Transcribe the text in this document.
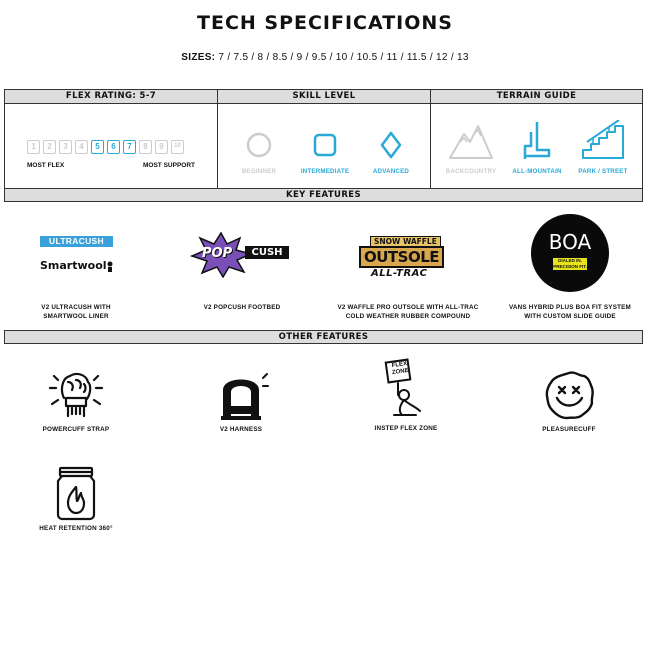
TECH SPECIFICATIONS
SIZES: 7 / 7.5 / 8 / 8.5 / 9 / 9.5 / 10 / 10.5 / 11 / 11.5 / 12 / 13
FLEX RATING: 5-7
1	2	3	4	5	6	7	8	9	10
MOST FLEX	MOST SUPPORT
SKILL LEVEL
BEGINNER	INTERMEDIATE	ADVANCED
TERRAIN GUIDE
BACKCOUNTRY	ALL-MOUNTAIN	PARK / STREET
KEY FEATURES
ULTRACUSH
Smartwool
V2 ULTRACUSH WITH
SMARTWOOL LINER
POP	CUSH
V2 POPCUSH FOOTBED
SNOW WAFFLE
OUTSOLE
ALL-TRAC
V2 WAFFLE PRO OUTSOLE WITH ALL-TRAC
COLD WEATHER RUBBER COMPOUND
BOA
DIALED IN.
PRECISION FIT.
VANS HYBRID PLUS BOA FIT SYSTEM
WITH CUSTOM SLIDE GUIDE
OTHER FEATURES
POWERCUFF STRAP	V2 HARNESS
FLEX
ZONE
INSTEP FLEX ZONE	PLEASURECUFF
HEAT RETENTION 360°
